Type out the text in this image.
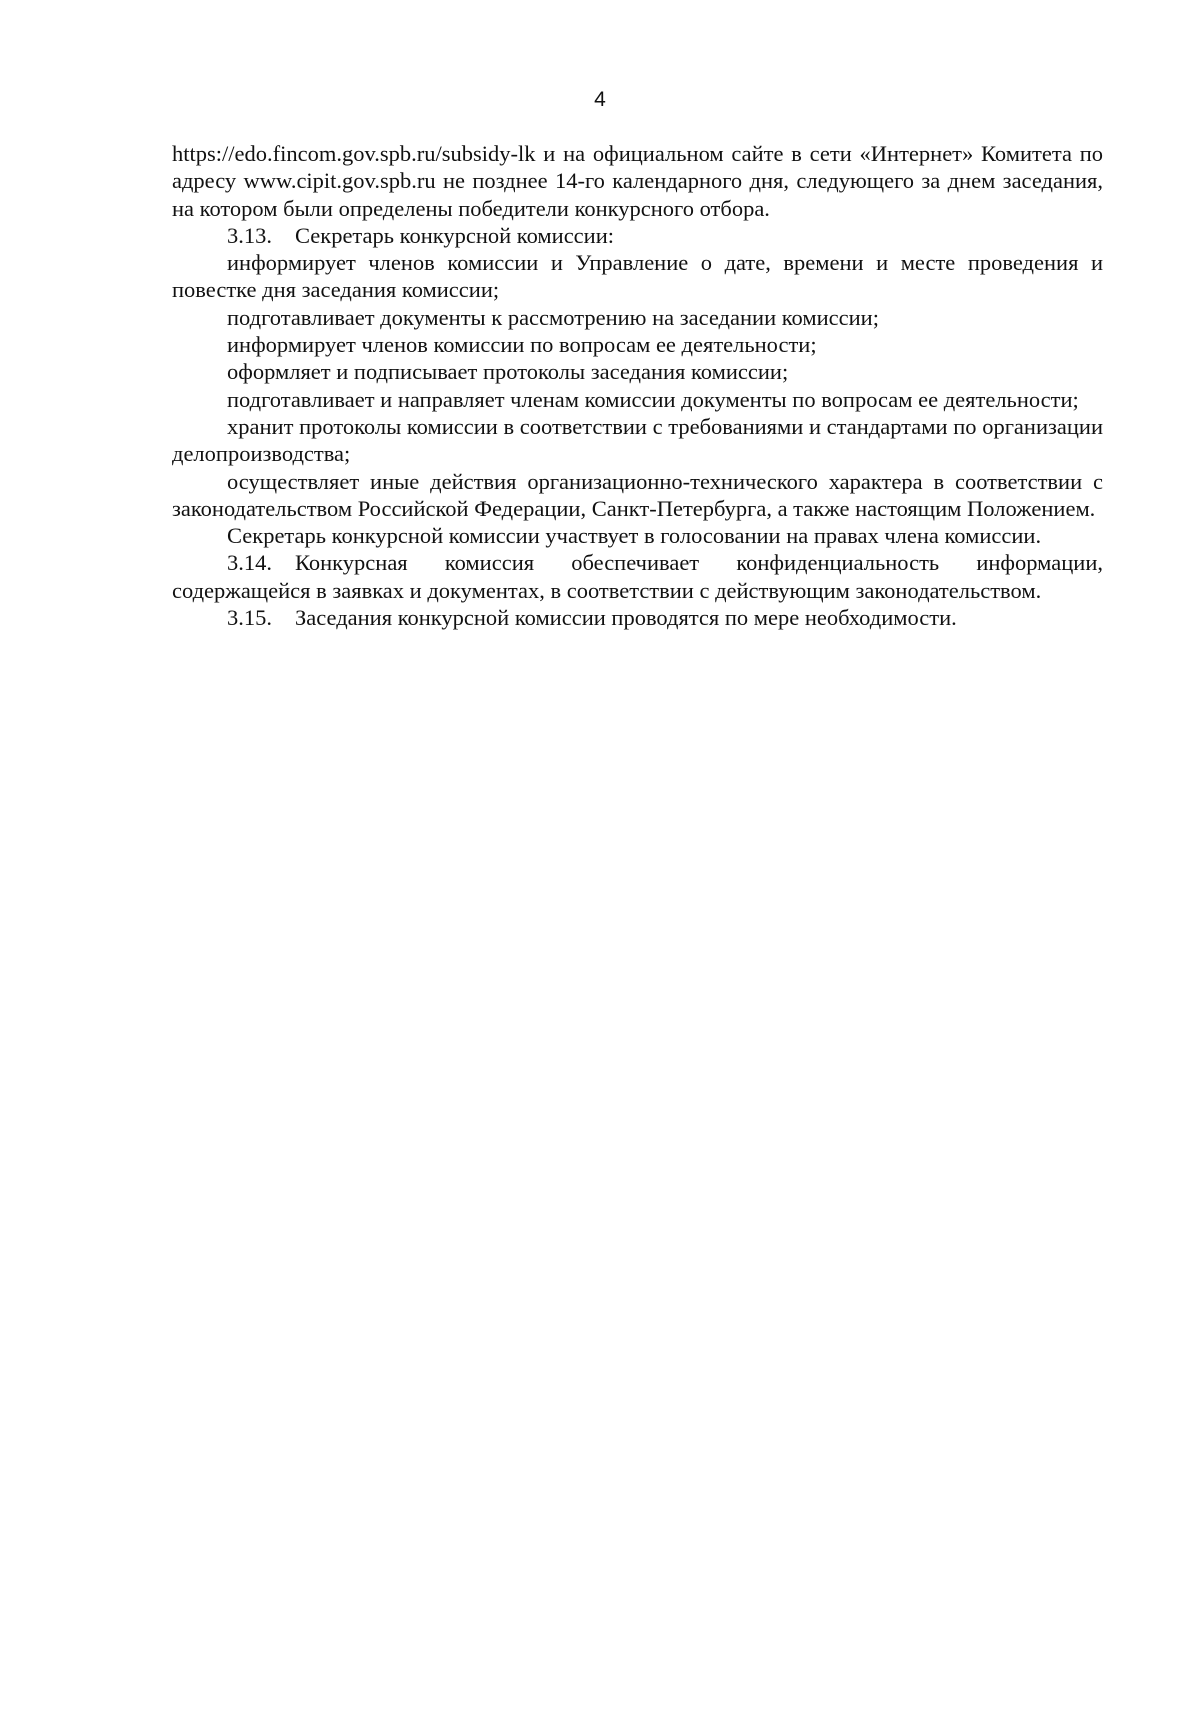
4

https://edo.fincom.gov.spb.ru/subsidy-lk и на официальном сайте в сети «Интернет» Комитета по адресу www.cipit.gov.spb.ru не позднее 14-го календарного дня, следующего за днем заседания, на котором были определены победители конкурсного отбора.

3.13. Секретарь конкурсной комиссии:

информирует членов комиссии и Управление о дате, времени и месте проведения и повестке дня заседания комиссии;

подготавливает документы к рассмотрению на заседании комиссии;

информирует членов комиссии по вопросам ее деятельности;

оформляет и подписывает протоколы заседания комиссии;

подготавливает и направляет членам комиссии документы по вопросам ее деятельности;

хранит протоколы комиссии в соответствии с требованиями и стандартами по организации делопроизводства;

осуществляет иные действия организационно-технического характера в соответствии с законодательством Российской Федерации, Санкт-Петербурга, а также настоящим Положением.

Секретарь конкурсной комиссии участвует в голосовании на правах члена комиссии.

3.14. Конкурсная комиссия обеспечивает конфиденциальность информации, содержащейся в заявках и документах, в соответствии с действующим законодательством.

3.15. Заседания конкурсной комиссии проводятся по мере необходимости.
